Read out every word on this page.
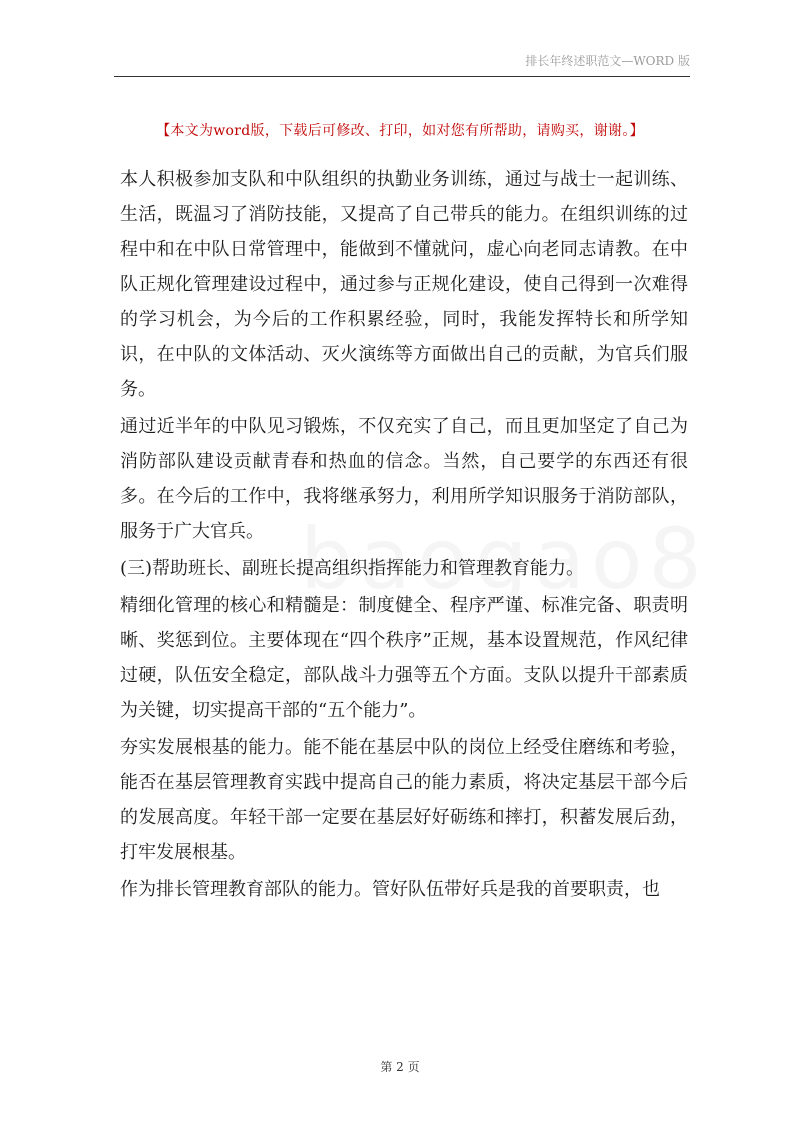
排长年终述职范文—WORD 版
【本文为word版，下载后可修改、打印，如对您有所帮助，请购买，谢谢。】

本人积极参加支队和中队组织的执勤业务训练，通过与战士一起训练、生活，既温习了消防技能，又提高了自己带兵的能力。在组织训练的过程中和在中队日常管理中，能做到不懂就问，虚心向老同志请教。在中队正规化管理建设过程中，通过参与正规化建设，使自己得到一次难得的学习机会，为今后的工作积累经验，同时，我能发挥特长和所学知识，在中队的文体活动、灭火演练等方面做出自己的贡献，为官兵们服务。

通过近半年的中队见习锻炼，不仅充实了自己，而且更加坚定了自己为消防部队建设贡献青春和热血的信念。当然，自己要学的东西还有很多。在今后的工作中，我将继承努力，利用所学知识服务于消防部队，服务于广大官兵。

(三)帮助班长、副班长提高组织指挥能力和管理教育能力。

精细化管理的核心和精髓是：制度健全、程序严谨、标准完备、职责明晰、奖惩到位。主要体现在“四个秩序”正规，基本设置规范，作风纪律过硬，队伍安全稳定，部队战斗力强等五个方面。支队以提升干部素质为关键，切实提高干部的“五个能力”。

夯实发展根基的能力。能不能在基层中队的岗位上经受住磨练和考验，能否在基层管理教育实践中提高自己的能力素质，将决定基层干部今后的发展高度。年轻干部一定要在基层好好砺练和摔打，积蓄发展后劲，打牢发展根基。

作为排长管理教育部队的能力。管好队伍带好兵是我的首要职责，也

第 2 页
